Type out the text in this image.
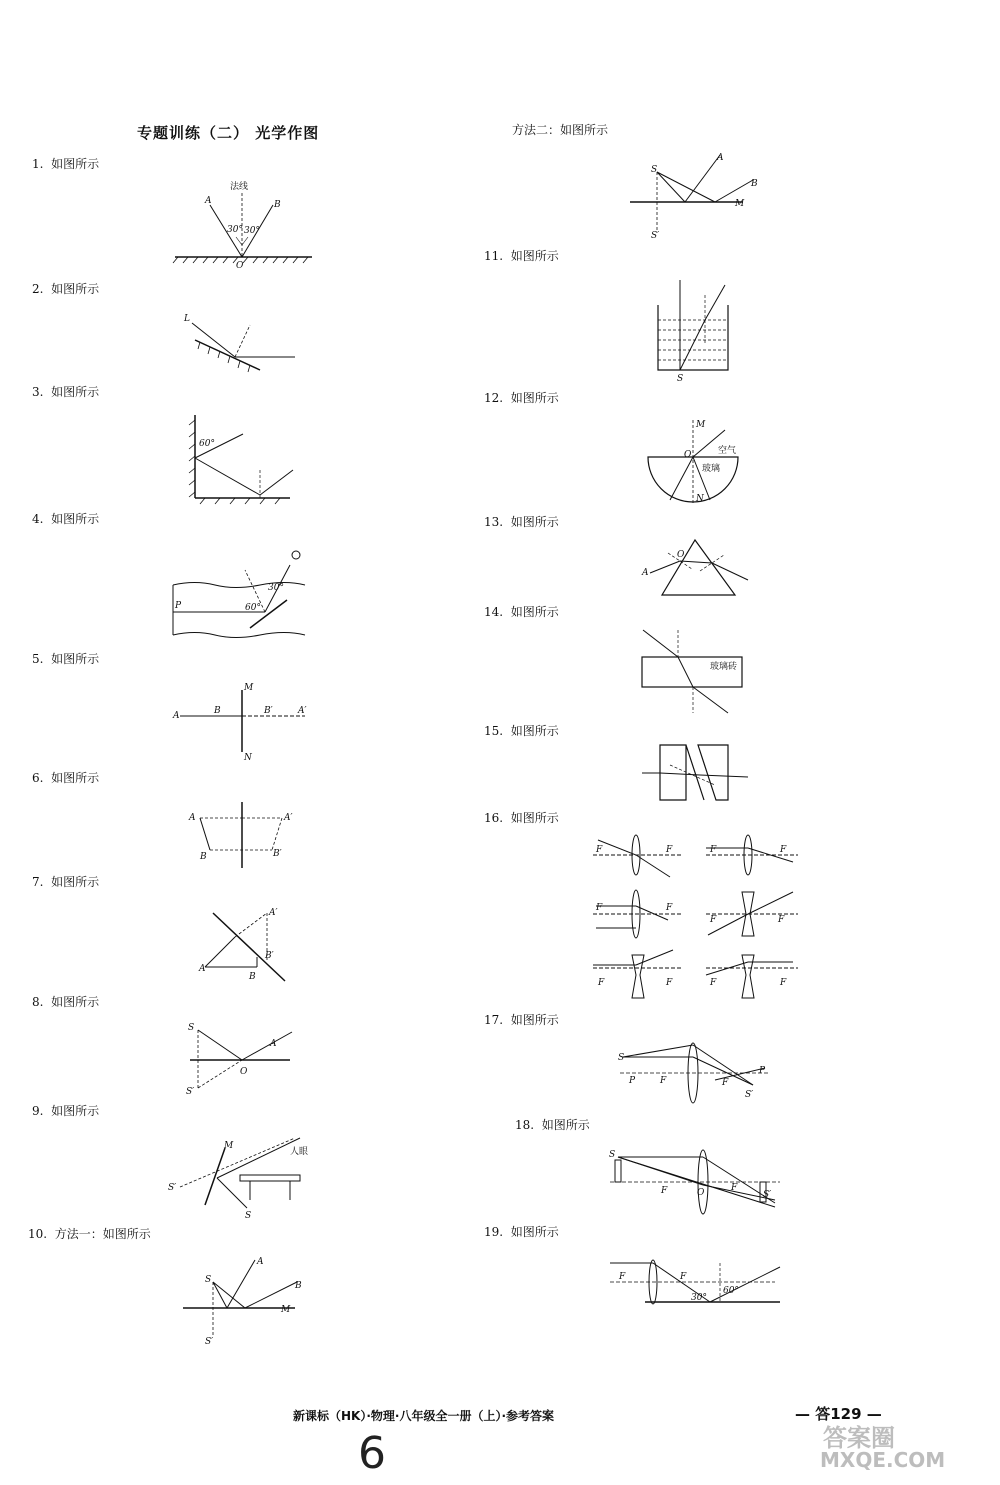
专题训练（二） 光学作图
1. 如图所示
2. 如图所示
3. 如图所示
4. 如图所示
5. 如图所示
6. 如图所示
7. 如图所示
8. 如图所示
9. 如图所示
10. 方法一：如图所示
方法二：如图所示
11. 如图所示
12. 如图所示
13. 如图所示
14. 如图所示
15. 如图所示
16. 如图所示
17. 如图所示
18. 如图所示
19. 如图所示
A	B
O
法线
30° 30°
L
60°
P	60°
30°
A	B	B′	A′
M
N
A	A′
B	B′
A′
B′
A
B
S
S′
O
A
M
S′
S
人眼
S
A
B
M
S′
S
A
B
M
S′
S
M
O
N
空气
玻璃
A
O
玻璃砖
F	F	F	F
F	F
F	F
F	F	F	F
S
P	F	F
P
S′
S
F	O	F
S′
F	F
30°
60°
新课标（HK）·物理·八年级全一册（上）·参考答案	— 答129 —
6	答案圈
MXQE.COM
